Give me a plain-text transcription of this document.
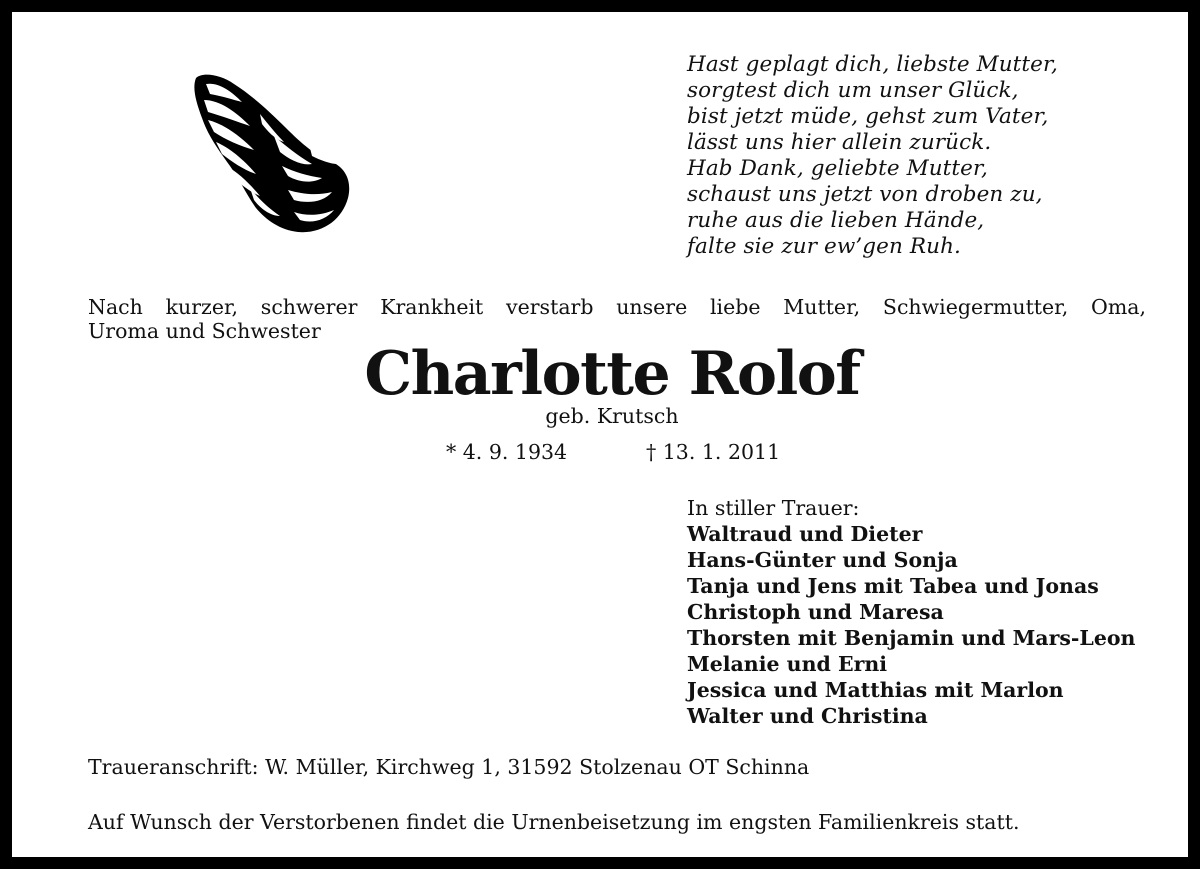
Hast geplagt dich, liebste Mutter,
sorgtest dich um unser Glück,
bist jetzt müde, gehst zum Vater,
lässt uns hier allein zurück.
Hab Dank, geliebte Mutter,
schaust uns jetzt von droben zu,
ruhe aus die lieben Hände,
falte sie zur ew’gen Ruh.
Nach kurzer, schwerer Krankheit verstarb unsere liebe Mutter, Schwiegermutter, Oma,
Uroma und Schwester
Charlotte Rolof
geb. Krutsch
* 4. 9. 1934	† 13. 1. 2011
In stiller Trauer:
Waltraud und Dieter
Hans-Günter und Sonja
Tanja und Jens mit Tabea und Jonas
Christoph und Maresa
Thorsten mit Benjamin und Mars-Leon
Melanie und Erni
Jessica und Matthias mit Marlon
Walter und Christina
Traueranschrift: W. Müller, Kirchweg 1, 31592 Stolzenau OT Schinna
Auf Wunsch der Verstorbenen findet die Urnenbeisetzung im engsten Familienkreis statt.
